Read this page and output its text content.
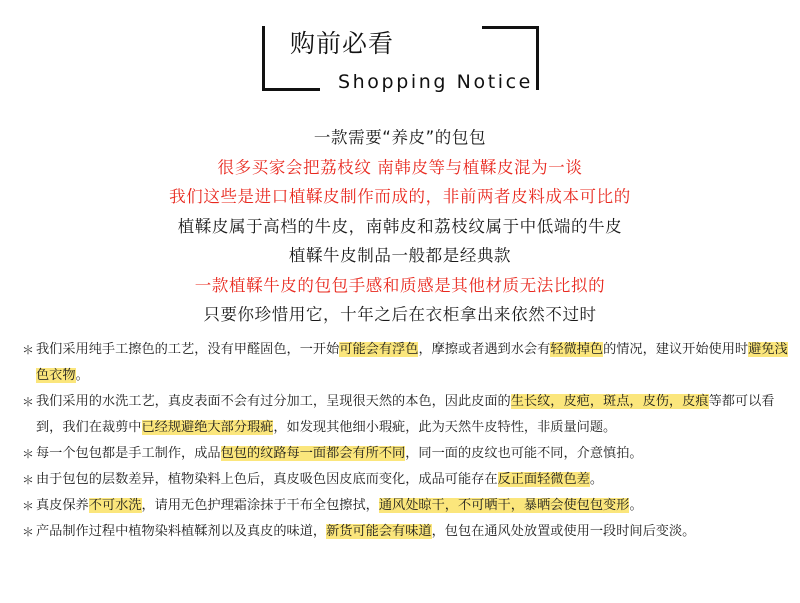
购前必看
Shopping Notice
一款需要“养皮”的包包
很多买家会把荔枝纹 南韩皮等与植鞣皮混为一谈
我们这些是进口植鞣皮制作而成的，非前两者皮料成本可比的
植鞣皮属于高档的牛皮，南韩皮和荔枝纹属于中低端的牛皮
植鞣牛皮制品一般都是经典款
一款植鞣牛皮的包包手感和质感是其他材质无法比拟的
只要你珍惜用它，十年之后在衣柜拿出来依然不过时
＊ 我们采用纯手工擦色的工艺，没有甲醛固色，一开始可能会有浮色，摩擦或者遇到水会有轻微掉色的情况，建议开始使用时避免浅色衣物。
＊ 我们采用的水洗工艺，真皮表面不会有过分加工，呈现很天然的本色，因此皮面的生长纹，皮疤，斑点，皮伤，皮痕等都可以看到，我们在裁剪中已经规避绝大部分瑕疵，如发现其他细小瑕疵，此为天然牛皮特性，非质量问题。
＊ 每一个包包都是手工制作，成品包包的纹路每一面都会有所不同，同一面的皮纹也可能不同，介意慎拍。
＊ 由于包包的层数差异，植物染料上色后，真皮吸色因皮底而变化，成品可能存在反正面轻微色差。
＊ 真皮保养不可水洗，请用无色护理霜涂抹于干布全包擦拭，通风处晾干，不可晒干，暴晒会使包包变形。
＊ 产品制作过程中植物染料植鞣剂以及真皮的味道，新货可能会有味道，包包在通风处放置或使用一段时间后变淡。
